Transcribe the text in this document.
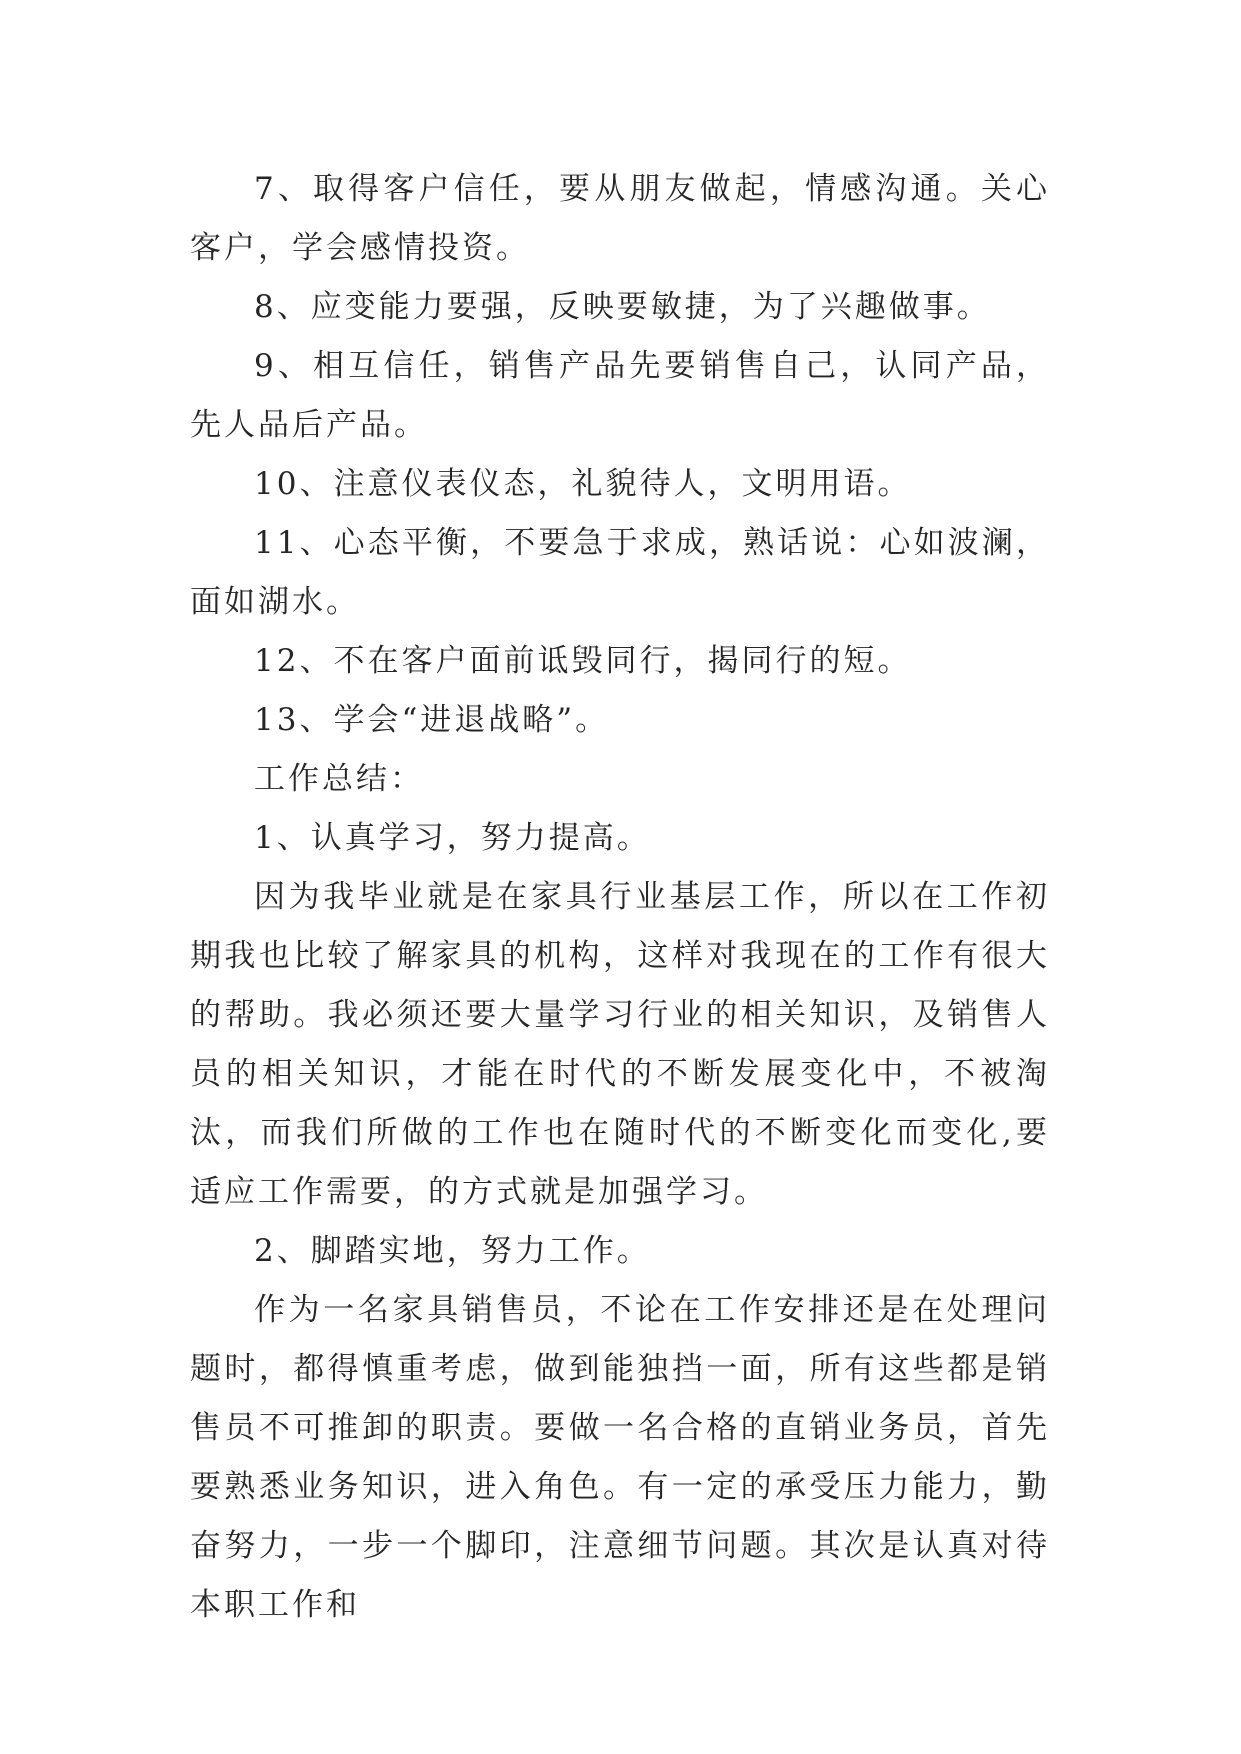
7、取得客户信任，要从朋友做起，情感沟通。关心客户，学会感情投资。

8、应变能力要强，反映要敏捷，为了兴趣做事。

9、相互信任，销售产品先要销售自己，认同产品，先人品后产品。

10、注意仪表仪态，礼貌待人，文明用语。

11、心态平衡，不要急于求成，熟话说：心如波澜，面如湖水。

12、不在客户面前诋毁同行，揭同行的短。

13、学会“进退战略”。

工作总结：

1、认真学习，努力提高。

因为我毕业就是在家具行业基层工作，所以在工作初期我也比较了解家具的机构，这样对我现在的工作有很大的帮助。我必须还要大量学习行业的相关知识，及销售人员的相关知识，才能在时代的不断发展变化中，不被淘汰，而我们所做的工作也在随时代的不断变化而变化,要适应工作需要，的方式就是加强学习。

2、脚踏实地，努力工作。

作为一名家具销售员，不论在工作安排还是在处理问题时，都得慎重考虑，做到能独挡一面，所有这些都是销售员不可推卸的职责。要做一名合格的直销业务员，首先要熟悉业务知识，进入角色。有一定的承受压力能力，勤奋努力，一步一个脚印，注意细节问题。其次是认真对待本职工作和
